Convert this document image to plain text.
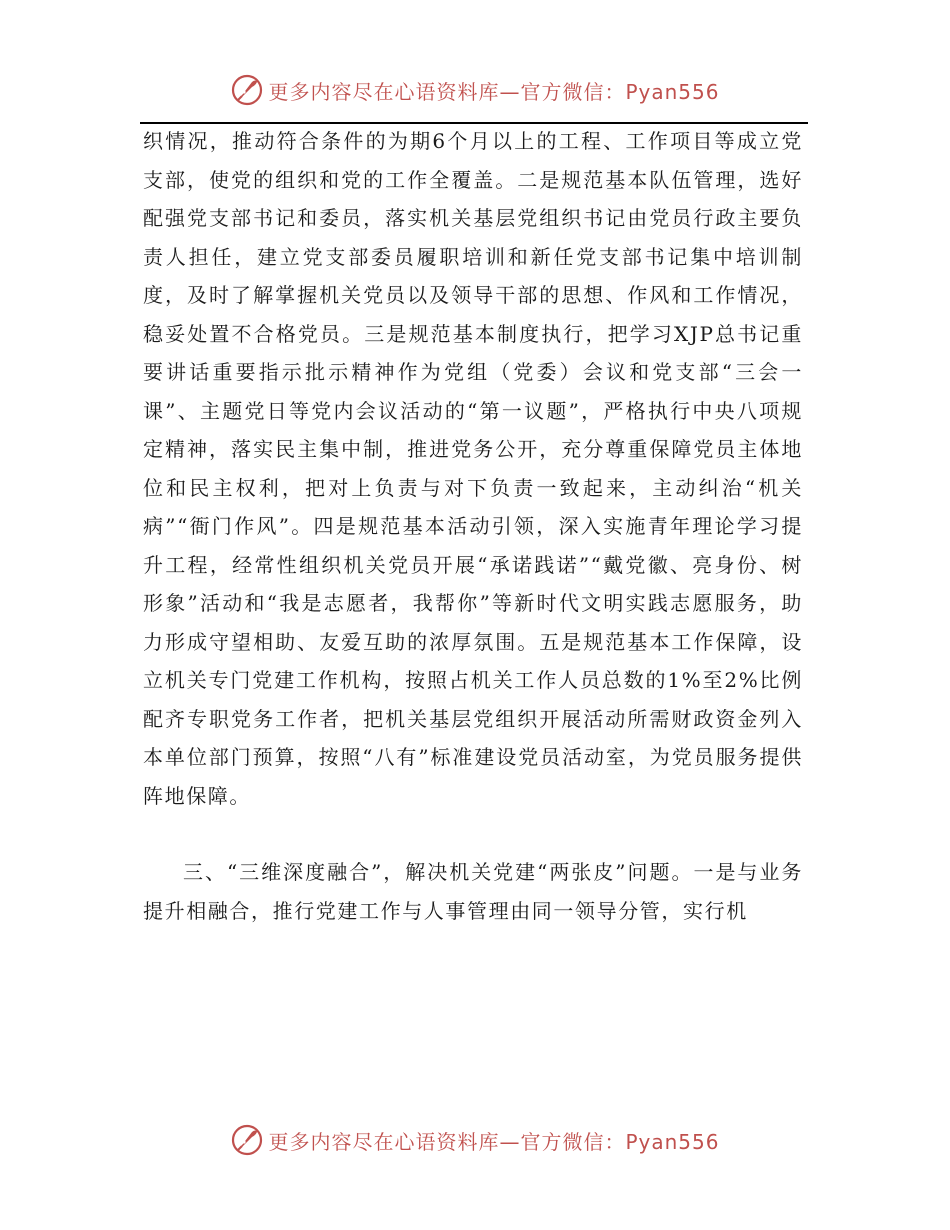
更多内容尽在心语资料库—官方微信：Pyan556

织情况，推动符合条件的为期6个月以上的工程、工作项目等成立党支部，使党的组织和党的工作全覆盖。二是规范基本队伍管理，选好配强党支部书记和委员，落实机关基层党组织书记由党员行政主要负责人担任，建立党支部委员履职培训和新任党支部书记集中培训制度，及时了解掌握机关党员以及领导干部的思想、作风和工作情况，稳妥处置不合格党员。三是规范基本制度执行，把学习XJP总书记重要讲话重要指示批示精神作为党组（党委）会议和党支部“三会一课”、主题党日等党内会议活动的“第一议题”，严格执行中央八项规定精神，落实民主集中制，推进党务公开，充分尊重保障党员主体地位和民主权利，把对上负责与对下负责一致起来，主动纠治“机关病”“衙门作风”。四是规范基本活动引领，深入实施青年理论学习提升工程，经常性组织机关党员开展“承诺践诺”“戴党徽、亮身份、树形象”活动和“我是志愿者，我帮你”等新时代文明实践志愿服务，助力形成守望相助、友爱互助的浓厚氛围。五是规范基本工作保障，设立机关专门党建工作机构，按照占机关工作人员总数的1%至2%比例配齐专职党务工作者，把机关基层党组织开展活动所需财政资金列入本单位部门预算，按照“八有”标准建设党员活动室，为党员服务提供阵地保障。

三、“三维深度融合”，解决机关党建“两张皮”问题。一是与业务提升相融合，推行党建工作与人事管理由同一领导分管，实行机

更多内容尽在心语资料库—官方微信：Pyan556
